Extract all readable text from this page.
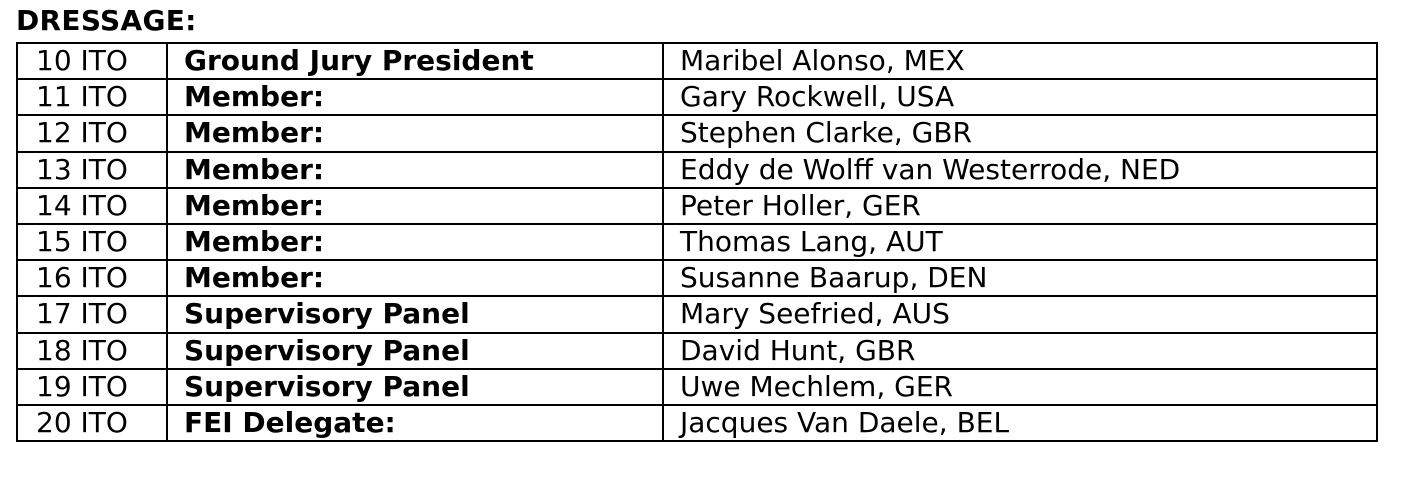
DRESSAGE:
10 ITO	Ground Jury President	Maribel Alonso, MEX
11 ITO	Member:	Gary Rockwell, USA
12 ITO	Member:	Stephen Clarke, GBR
13 ITO	Member:	Eddy de Wolff van Westerrode, NED
14 ITO	Member:	Peter Holler, GER
15 ITO	Member:	Thomas Lang, AUT
16 ITO	Member:	Susanne Baarup, DEN
17 ITO	Supervisory Panel	Mary Seefried, AUS
18 ITO	Supervisory Panel	David Hunt, GBR
19 ITO	Supervisory Panel	Uwe Mechlem, GER
20 ITO	FEI Delegate:	Jacques Van Daele, BEL
